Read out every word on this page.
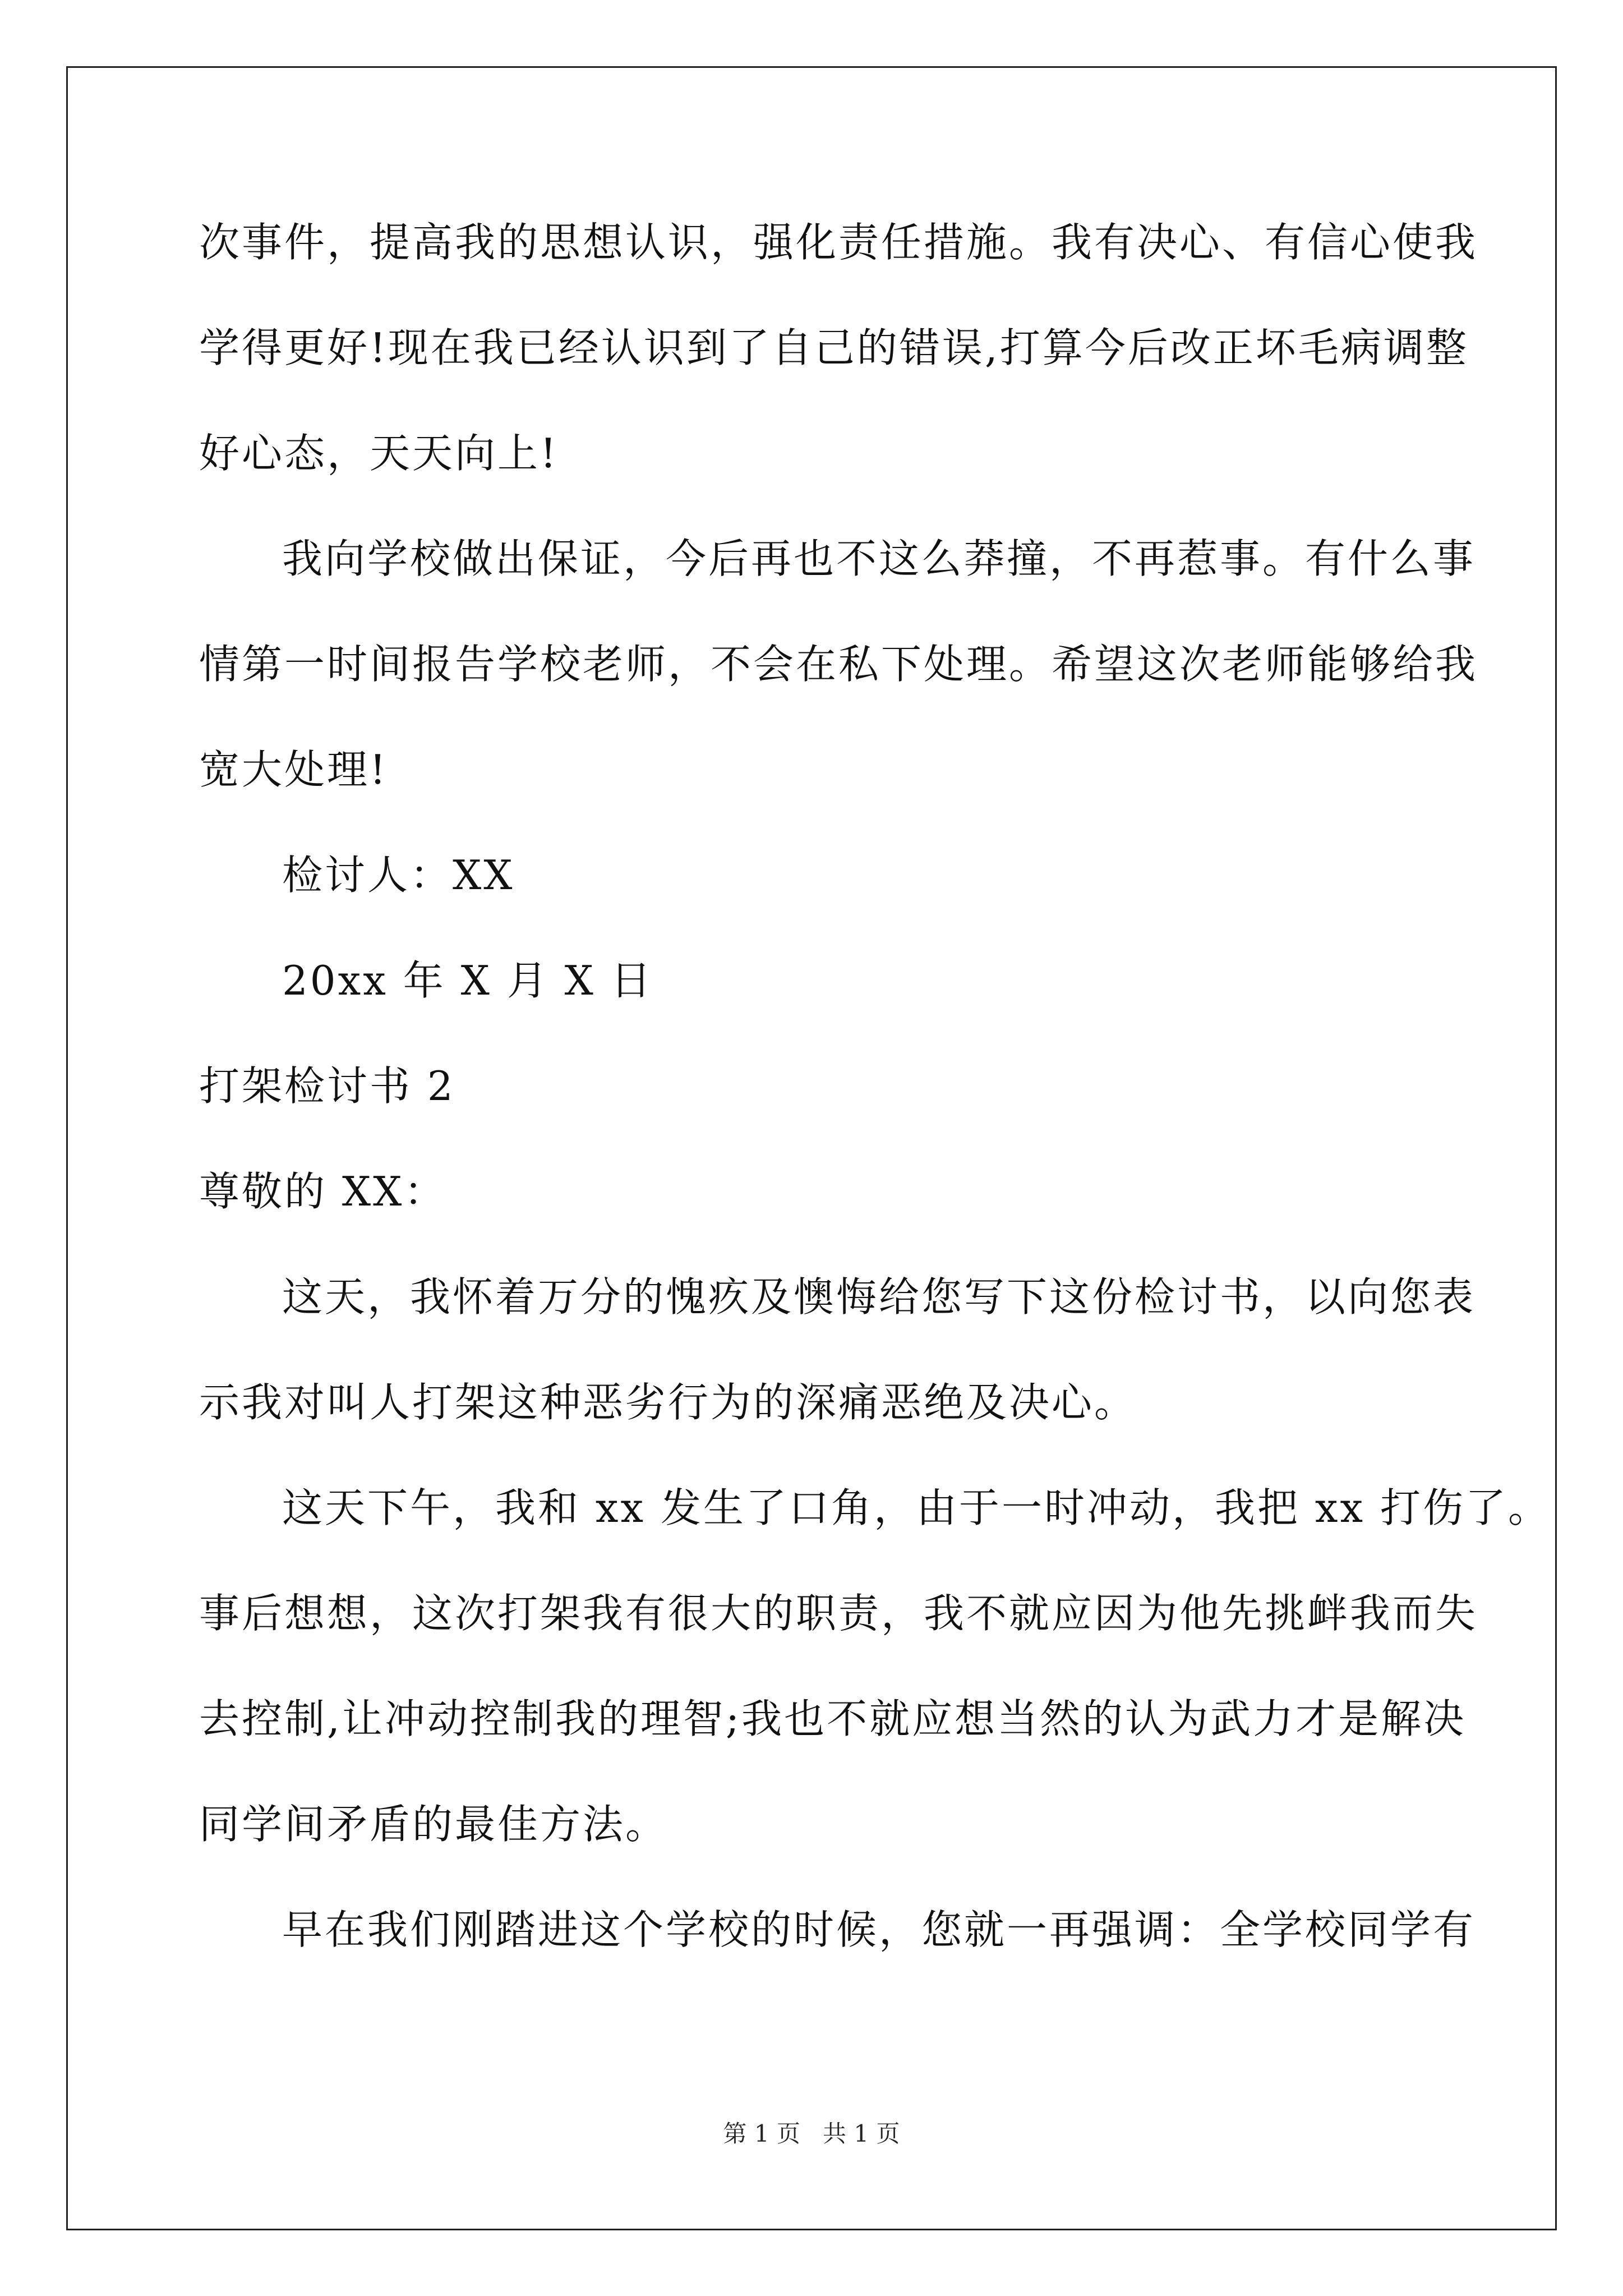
次事件，提高我的思想认识，强化责任措施。我有决心、有信心使我
学得更好!现在我已经认识到了自己的错误,打算今后改正坏毛病调整
好心态，天天向上!
我向学校做出保证，今后再也不这么莽撞，不再惹事。有什么事
情第一时间报告学校老师，不会在私下处理。希望这次老师能够给我
宽大处理!
检讨人：XX
20xx 年 X 月 X 日
打架检讨书 2
尊敬的 XX：
这天，我怀着万分的愧疚及懊悔给您写下这份检讨书，以向您表
示我对叫人打架这种恶劣行为的深痛恶绝及决心。
这天下午，我和 xx 发生了口角，由于一时冲动，我把 xx 打伤了。
事后想想，这次打架我有很大的职责，我不就应因为他先挑衅我而失
去控制,让冲动控制我的理智;我也不就应想当然的认为武力才是解决
同学间矛盾的最佳方法。
早在我们刚踏进这个学校的时候，您就一再强调：全学校同学有
第 1 页   共 1 页
